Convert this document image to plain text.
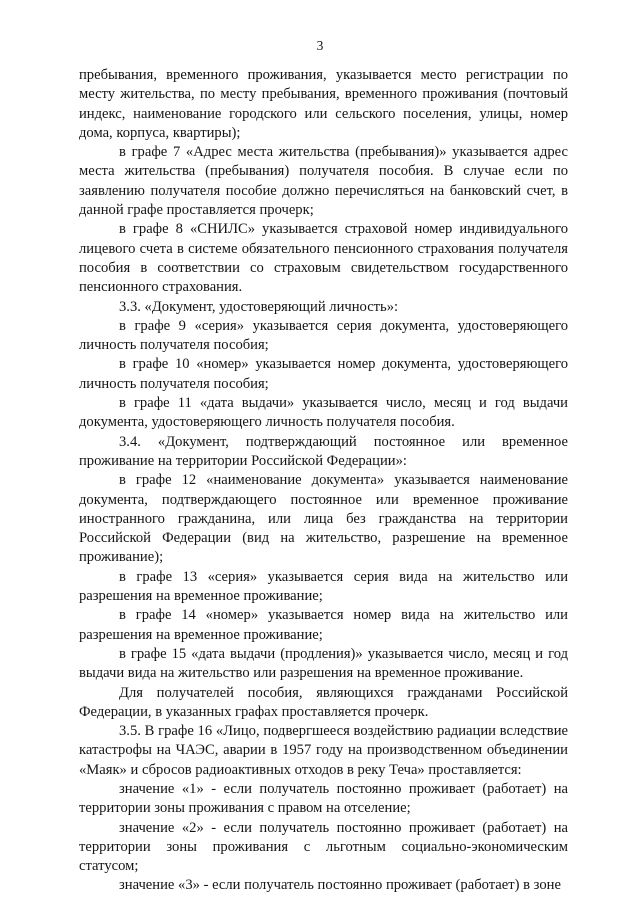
3

пребывания, временного проживания, указывается место регистрации по месту жительства, по месту пребывания, временного проживания (почтовый индекс, наименование городского или сельского поселения, улицы, номер дома, корпуса, квартиры);

в графе 7 «Адрес места жительства (пребывания)» указывается адрес места жительства (пребывания) получателя пособия. В случае если по заявлению получателя пособие должно перечисляться на банковский счет, в данной графе проставляется прочерк;

в графе 8 «СНИЛС» указывается страховой номер индивидуального лицевого счета в системе обязательного пенсионного страхования получателя пособия в соответствии со страховым свидетельством государственного пенсионного страхования.

3.3. «Документ, удостоверяющий личность»:

в графе 9 «серия» указывается серия документа, удостоверяющего личность получателя пособия;

в графе 10 «номер» указывается номер документа, удостоверяющего личность получателя пособия;

в графе 11 «дата выдачи» указывается число, месяц и год выдачи документа, удостоверяющего личность получателя пособия.

3.4. «Документ, подтверждающий постоянное или временное проживание на территории Российской Федерации»:

в графе 12 «наименование документа» указывается наименование документа, подтверждающего постоянное или временное проживание иностранного гражданина, или лица без гражданства на территории Российской Федерации (вид на жительство, разрешение на временное проживание);

в графе 13 «серия» указывается серия вида на жительство или разрешения на временное проживание;

в графе 14 «номер» указывается номер вида на жительство или разрешения на временное проживание;

в графе 15 «дата выдачи (продления)» указывается число, месяц и год выдачи вида на жительство или разрешения на временное проживание.

Для получателей пособия, являющихся гражданами Российской Федерации, в указанных графах проставляется прочерк.

3.5. В графе 16 «Лицо, подвергшееся воздействию радиации вследствие катастрофы на ЧАЭС, аварии в 1957 году на производственном объединении «Маяк» и сбросов радиоактивных отходов в реку Теча» проставляется:

значение «1» - если получатель постоянно проживает (работает) на территории зоны проживания с правом на отселение;

значение «2» - если получатель постоянно проживает (работает) на территории зоны проживания с льготным социально-экономическим статусом;

значение «3» - если получатель постоянно проживает (работает) в зоне
